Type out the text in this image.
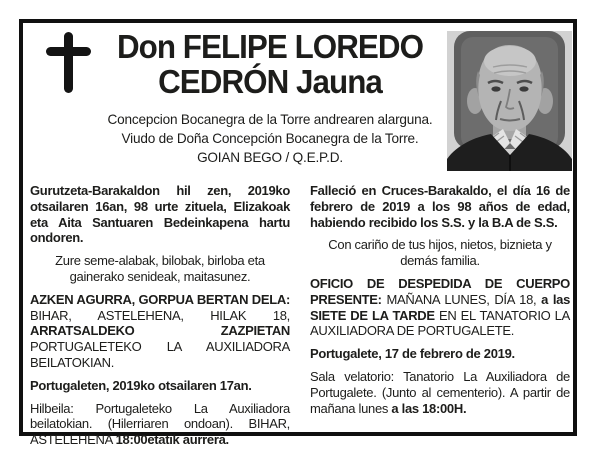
Don FELIPE LOREDO
CEDRÓN Jauna

Concepcion Bocanegra de la Torre andrearen alarguna.

Viudo de Doña Concepción Bocanegra de la Torre.

GOIAN BEGO / Q.E.P.D.

Gurutzeta-Barakaldon hil zen, 2019ko otsailaren 16an, 98 urte zituela, Elizakoak eta Aita Santuaren Bedeinkapena hartu ondoren.

Zure seme-alabak, bilobak, birloba eta gainerako senideak, maitasunez.

AZKEN AGURRA, GORPUA BERTAN DELA: BIHAR, ASTELEHENA, HILAK 18, ARRATSALDEKO ZAZPIETAN PORTUGALETEKO LA AUXILIADORA BEILATOKIAN.

Portugaleten, 2019ko otsailaren 17an.

Hilbeila: Portugaleteko La Auxiliadora beilatokian. (Hilerriaren ondoan). BIHAR, ASTELEHENA 18:00etatik aurrera.

Falleció en Cruces-Barakaldo, el día 16 de febrero de 2019 a los 98 años de edad, habiendo recibido los S.S. y la B.A de S.S.

Con cariño de tus hijos, nietos, biznieta y demás familia.

OFICIO DE DESPEDIDA DE CUERPO PRESENTE: MAÑANA LUNES, DÍA 18, a las SIETE DE LA TARDE EN EL TANATORIO LA AUXILIADORA DE PORTUGALETE.

Portugalete, 17 de febrero de 2019.

Sala velatorio: Tanatorio La Auxiliadora de Portugalete. (Junto al cementerio). A partir de mañana lunes a las 18:00H.
